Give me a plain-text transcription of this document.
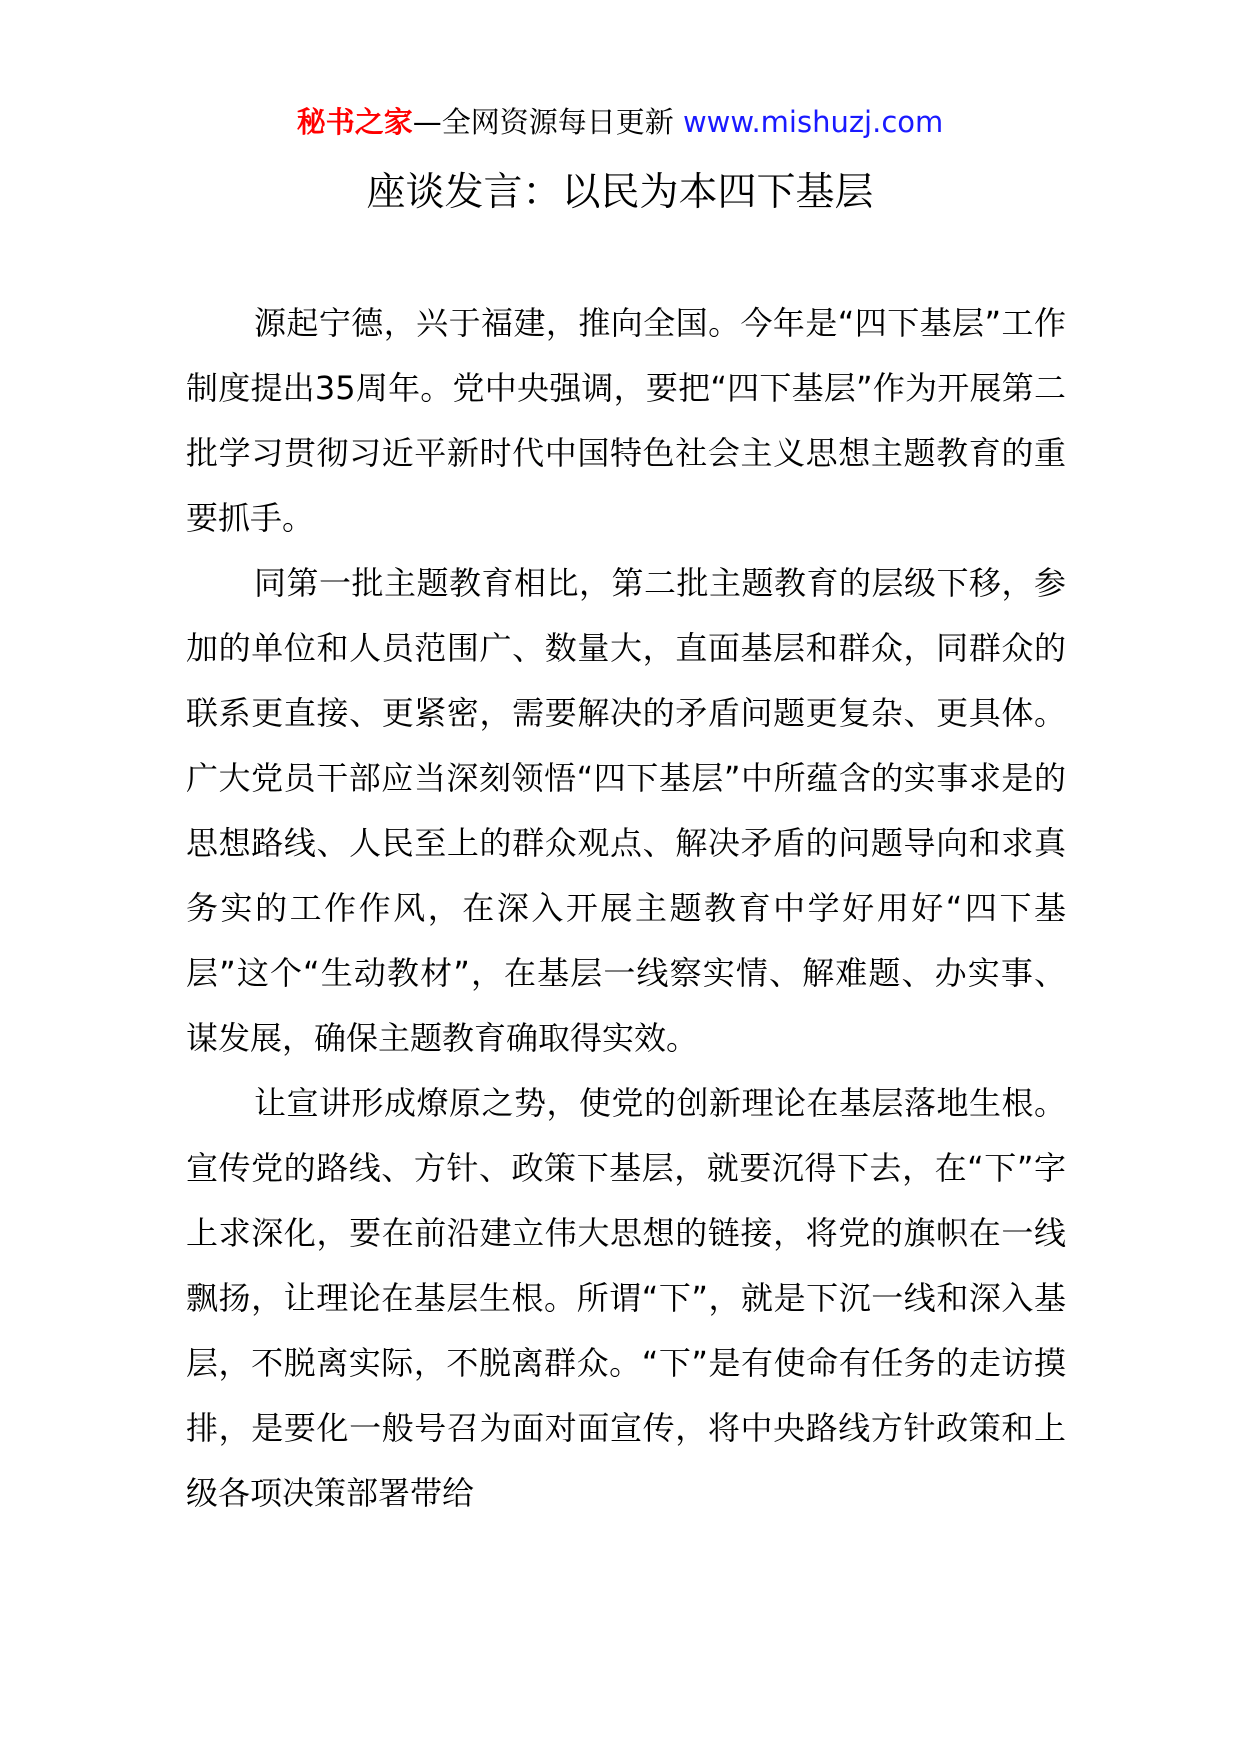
秘书之家—全网资源每日更新 www.mishuzj.com
座谈发言：以民为本四下基层

源起宁德，兴于福建，推向全国。今年是“四下基层”工作制度提出35周年。党中央强调，要把“四下基层”作为开展第二批学习贯彻习近平新时代中国特色社会主义思想主题教育的重要抓手。

同第一批主题教育相比，第二批主题教育的层级下移，参加的单位和人员范围广、数量大，直面基层和群众，同群众的联系更直接、更紧密，需要解决的矛盾问题更复杂、更具体。广大党员干部应当深刻领悟“四下基层”中所蕴含的实事求是的思想路线、人民至上的群众观点、解决矛盾的问题导向和求真务实的工作作风，在深入开展主题教育中学好用好“四下基层”这个“生动教材”，在基层一线察实情、解难题、办实事、谋发展，确保主题教育确取得实效。

让宣讲形成燎原之势，使党的创新理论在基层落地生根。宣传党的路线、方针、政策下基层，就要沉得下去，在“下”字上求深化，要在前沿建立伟大思想的链接，将党的旗帜在一线飘扬，让理论在基层生根。所谓“下”，就是下沉一线和深入基层，不脱离实际，不脱离群众。“下”是有使命有任务的走访摸排，是要化一般号召为面对面宣传，将中央路线方针政策和上级各项决策部署带给
